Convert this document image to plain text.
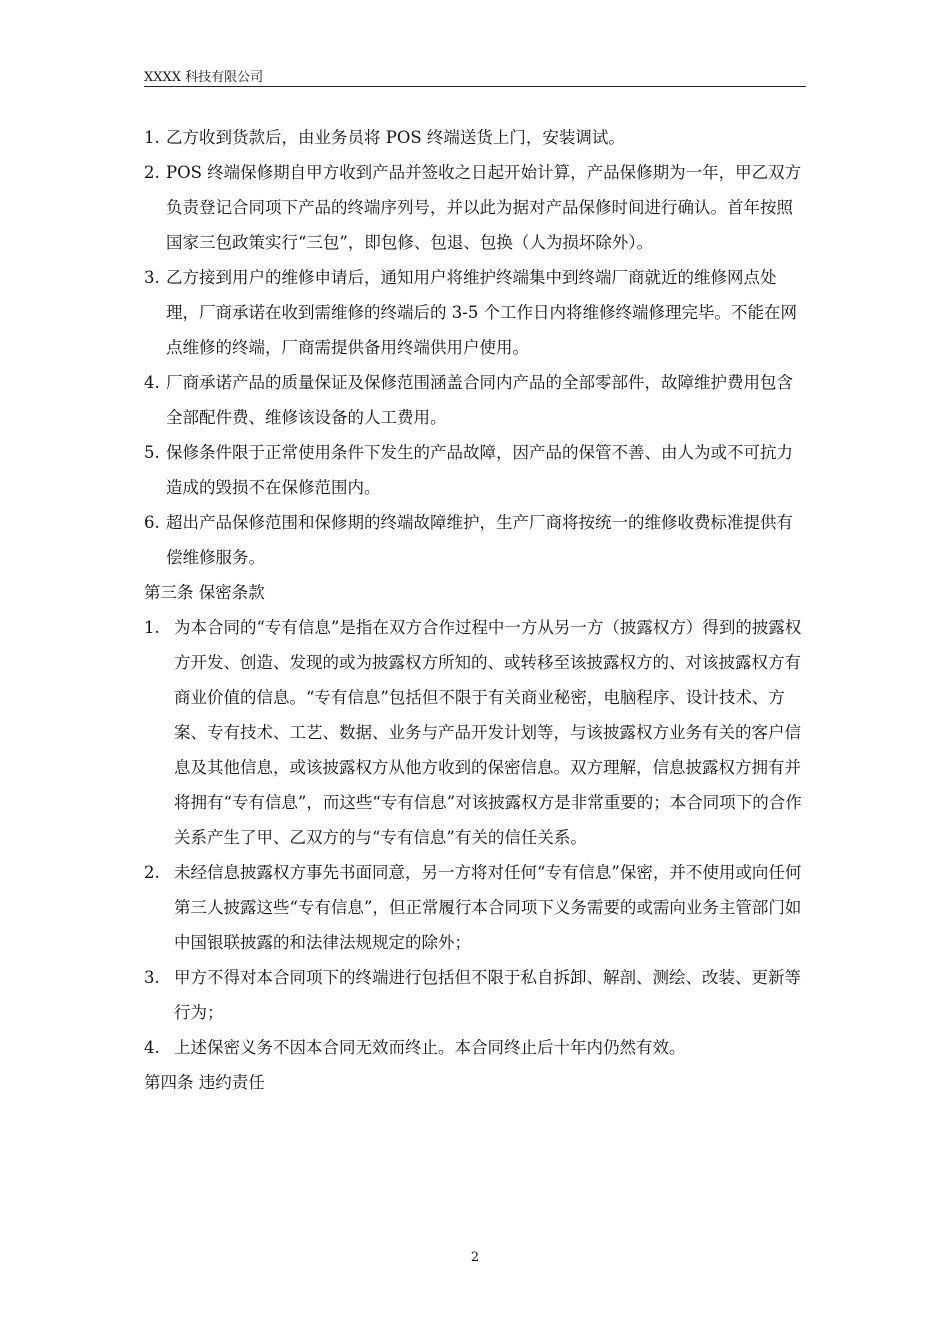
XXXX 科技有限公司
1. 乙方收到货款后，由业务员将 POS 终端送货上门，安装调试。
2. POS 终端保修期自甲方收到产品并签收之日起开始计算，产品保修期为一年，甲乙双方负责登记合同项下产品的终端序列号，并以此为据对产品保修时间进行确认。首年按照国家三包政策实行“三包”，即包修、包退、包换（人为损坏除外）。
3. 乙方接到用户的维修申请后，通知用户将维护终端集中到终端厂商就近的维修网点处理，厂商承诺在收到需维修的终端后的 3-5 个工作日内将维修终端修理完毕。不能在网点维修的终端，厂商需提供备用终端供用户使用。
4. 厂商承诺产品的质量保证及保修范围涵盖合同内产品的全部零部件，故障维护费用包含全部配件费、维修该设备的人工费用。
5. 保修条件限于正常使用条件下发生的产品故障，因产品的保管不善、由人为或不可抗力造成的毁损不在保修范围内。
6. 超出产品保修范围和保修期的终端故障维护，生产厂商将按统一的维修收费标准提供有偿维修服务。
第三条 保密条款
1. 为本合同的“专有信息”是指在双方合作过程中一方从另一方（披露权方）得到的披露权方开发、创造、发现的或为披露权方所知的、或转移至该披露权方的、对该披露权方有商业价值的信息。“专有信息”包括但不限于有关商业秘密，电脑程序、设计技术、方案、专有技术、工艺、数据、业务与产品开发计划等，与该披露权方业务有关的客户信息及其他信息，或该披露权方从他方收到的保密信息。双方理解，信息披露权方拥有并将拥有“专有信息”，而这些“专有信息”对该披露权方是非常重要的；本合同项下的合作关系产生了甲、乙双方的与“专有信息”有关的信任关系。
2. 未经信息披露权方事先书面同意，另一方将对任何“专有信息”保密，并不使用或向任何第三人披露这些“专有信息”，但正常履行本合同项下义务需要的或需向业务主管部门如中国银联披露的和法律法规规定的除外；
3. 甲方不得对本合同项下的终端进行包括但不限于私自拆卸、解剖、测绘、改装、更新等行为；
4. 上述保密义务不因本合同无效而终止。本合同终止后十年内仍然有效。
第四条 违约责任
2
